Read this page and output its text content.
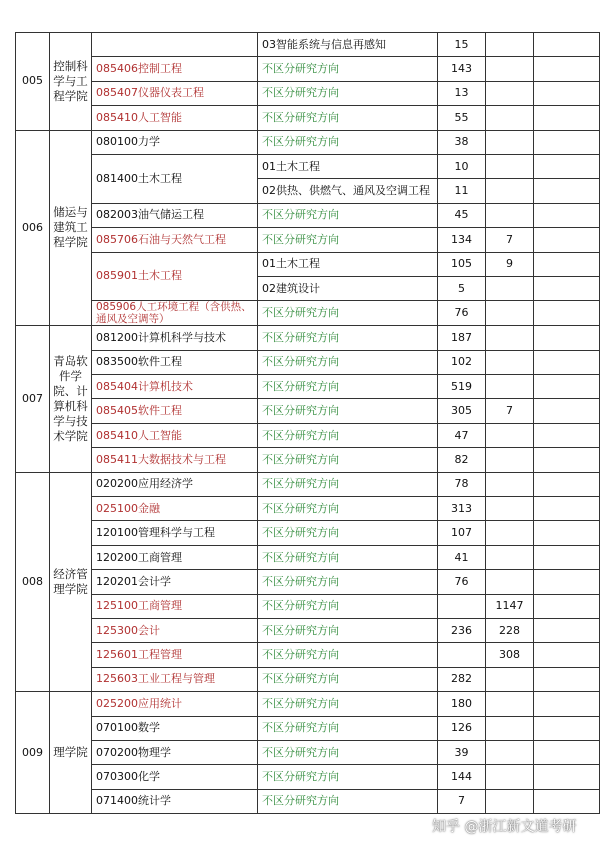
005	控制科学与工程学院		03智能系统与信息再感知	15		
		085406控制工程	不区分研究方向	143		
		085407仪器仪表工程	不区分研究方向	13		
		085410人工智能	不区分研究方向	55		
006	储运与建筑工程学院	080100力学	不区分研究方向	38		
		081400土木工程	01土木工程	10		
			02供热、供燃气、通风及空调工程	11		
		082003油气储运工程	不区分研究方向	45		
		085706石油与天然气工程	不区分研究方向	134	7	
		085901土木工程	01土木工程	105	9	
			02建筑设计	5		
		085906人工环境工程（含供热、通风及空调等）	不区分研究方向	76		
007	青岛软件学院、计算机科学与技术学院	081200计算机科学与技术	不区分研究方向	187		
		083500软件工程	不区分研究方向	102		
		085404计算机技术	不区分研究方向	519		
		085405软件工程	不区分研究方向	305	7	
		085410人工智能	不区分研究方向	47		
		085411大数据技术与工程	不区分研究方向	82		
008	经济管理学院	020200应用经济学	不区分研究方向	78		
		025100金融	不区分研究方向	313		
		120100管理科学与工程	不区分研究方向	107		
		120200工商管理	不区分研究方向	41		
		120201会计学	不区分研究方向	76		
		125100工商管理	不区分研究方向		1147	
		125300会计	不区分研究方向	236	228	
		125601工程管理	不区分研究方向		308	
		125603工业工程与管理	不区分研究方向	282		
009	理学院	025200应用统计	不区分研究方向	180		
		070100数学	不区分研究方向	126		
		070200物理学	不区分研究方向	39		
		070300化学	不区分研究方向	144		
		071400统计学	不区分研究方向	7		
知乎 @浙江新文道考研
